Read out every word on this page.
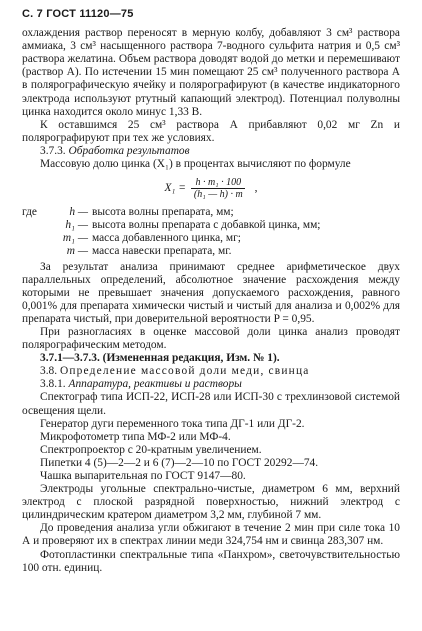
С. 7 ГОСТ 11120—75

охлаждения раствор переносят в мерную колбу, добавляют 3 см³ раствора аммиака, 3 см³ насыщенного раствора 7-водного сульфита натрия и 0,5 см³ раствора желатина. Объем раствора доводят водой до метки и перемешивают (раствор А). По истечении 15 мин помещают 25 см³ полученного раствора А в полярографическую ячейку и полярографируют (в качестве индикаторного электрода используют ртутный капающий электрод). Потенциал полуволны цинка находится около минус 1,33 В.

К оставшимся 25 см³ раствора А прибавляют 0,02 мг Zn и полярографируют при тех же условиях.

3.7.3. Обработка результатов

Массовую долю цинка (X₁) в процентах вычисляют по формуле

$X_1 = \frac{\text{h · m₁ · 100}}{\text{(h₁ — h) · m}}$ ,
где	h — высота волны препарата, мм;
h₁ — высота волны препарата с добавкой цинка, мм;
m₁ — масса добавленного цинка, мг;
m — масса навески препарата, мг.

За результат анализа принимают среднее арифметическое двух параллельных определений, абсолютное значение расхождения между которыми не превышает значения допускаемого расхождения, равного 0,001% для препарата химически чистый и чистый для анализа и 0,002% для препарата чистый, при доверительной вероятности P = 0,95.

При разногласиях в оценке массовой доли цинка анализ проводят полярографическим методом.

3.7.1—3.7.3. (Измененная редакция, Изм. № 1).

3.8. Определение массовой доли меди, свинца

3.8.1. Аппаратура, реактивы и растворы

Спектограф типа ИСП-22, ИСП-28 или ИСП-30 с трехлинзовой системой освещения щели.

Генератор дуги переменного тока типа ДГ-1 или ДГ-2.

Микрофотометр типа МФ-2 или МФ-4.

Спектропроектор с 20-кратным увеличением.

Пипетки 4 (5)—2—2 и 6 (7)—2—10 по ГОСТ 20292—74.

Чашка выпарительная по ГОСТ 9147—80.

Электроды угольные спектрально-чистые, диаметром 6 мм, верхний электрод с плоской разрядной поверхностью, нижний электрод с цилиндрическим кратером диаметром 3,2 мм, глубиной 7 мм.

До проведения анализа угли обжигают в течение 2 мин при силе тока 10 А и проверяют их в спектрах линии меди 324,754 нм и свинца 283,307 нм.

Фотопластинки спектральные типа «Панхром», светочувствительностью 100 отн. единиц.
